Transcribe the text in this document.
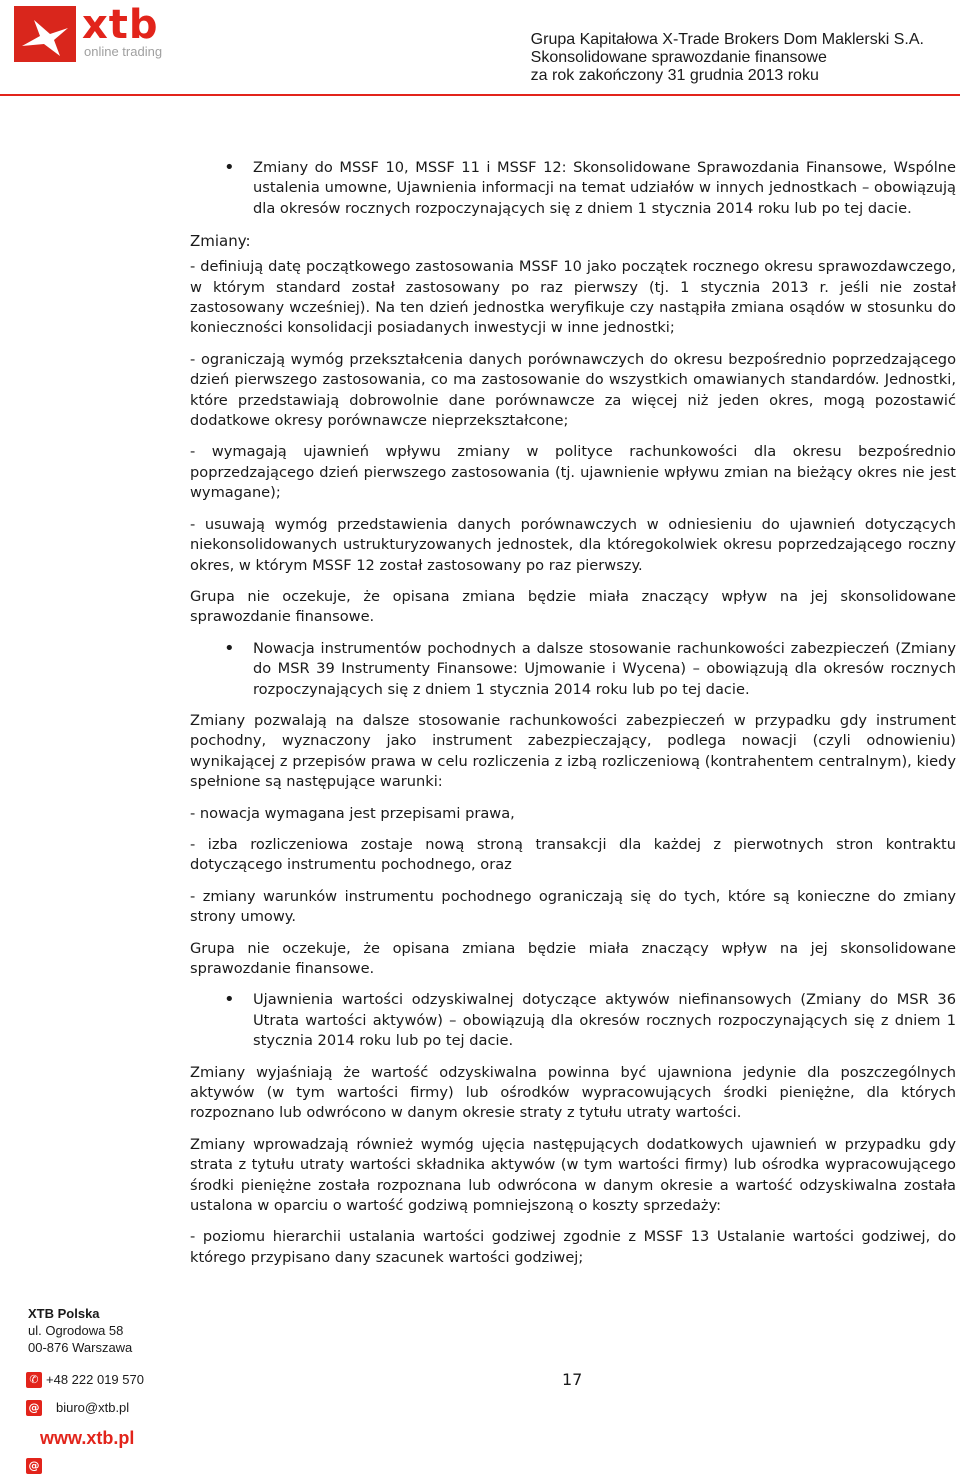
xtb
online trading
Grupa Kapitałowa X-Trade Brokers Dom Maklerski S.A.
Skonsolidowane sprawozdanie finansowe
za rok zakończony 31 grudnia 2013 roku
Zmiany:
• Zmiany do MSSF 10, MSSF 11 i MSSF 12: Skonsolidowane Sprawozdania Finansowe, Wspólne ustalenia umowne, Ujawnienia informacji na temat udziałów w innych jednostkach – obowiązują dla okresów rocznych rozpoczynających się z dniem 1 stycznia 2014 roku lub po tej dacie.

- definiują datę początkowego zastosowania MSSF 10 jako początek rocznego okresu sprawozdawczego, w którym standard został zastosowany po raz pierwszy (tj. 1 stycznia 2013 r. jeśli nie został zastosowany wcześniej). Na ten dzień jednostka weryfikuje czy nastąpiła zmiana osądów w stosunku do konieczności konsolidacji posiadanych inwestycji w inne jednostki;

- ograniczają wymóg przekształcenia danych porównawczych do okresu bezpośrednio poprzedzającego dzień pierwszego zastosowania, co ma zastosowanie do wszystkich omawianych standardów. Jednostki, które przedstawiają dobrowolnie dane porównawcze za więcej niż jeden okres, mogą pozostawić dodatkowe okresy porównawcze nieprzekształcone;

- wymagają ujawnień wpływu zmiany w polityce rachunkowości dla okresu bezpośrednio poprzedzającego dzień pierwszego zastosowania (tj. ujawnienie wpływu zmian na bieżący okres nie jest wymagane);

- usuwają wymóg przedstawienia danych porównawczych w odniesieniu do ujawnień dotyczących niekonsolidowanych ustrukturyzowanych jednostek, dla któregokolwiek okresu poprzedzającego roczny okres, w którym MSSF 12 został zastosowany po raz pierwszy.

Grupa nie oczekuje, że opisana zmiana będzie miała znaczący wpływ na jej skonsolidowane sprawozdanie finansowe.

• Nowacja instrumentów pochodnych a dalsze stosowanie rachunkowości zabezpieczeń (Zmiany do MSR 39 Instrumenty Finansowe: Ujmowanie i Wycena) – obowiązują dla okresów rocznych rozpoczynających się z dniem 1 stycznia 2014 roku lub po tej dacie.

Zmiany pozwalają na dalsze stosowanie rachunkowości zabezpieczeń w przypadku gdy instrument pochodny, wyznaczony jako instrument zabezpieczający, podlega nowacji (czyli odnowieniu) wynikającej z przepisów prawa w celu rozliczenia z izbą rozliczeniową (kontrahentem centralnym), kiedy spełnione są następujące warunki:

- nowacja wymagana jest przepisami prawa,

- izba rozliczeniowa zostaje nową stroną transakcji dla każdej z pierwotnych stron kontraktu dotyczącego instrumentu pochodnego, oraz

- zmiany warunków instrumentu pochodnego ograniczają się do tych, które są konieczne do zmiany strony umowy.

Grupa nie oczekuje, że opisana zmiana będzie miała znaczący wpływ na jej skonsolidowane sprawozdanie finansowe.

• Ujawnienia wartości odzyskiwalnej dotyczące aktywów niefinansowych (Zmiany do MSR 36 Utrata wartości aktywów) – obowiązują dla okresów rocznych rozpoczynających się z dniem 1 stycznia 2014 roku lub po tej dacie.

Zmiany wyjaśniają że wartość odzyskiwalna powinna być ujawniona jedynie dla poszczególnych aktywów (w tym wartości firmy) lub ośrodków wypracowujących środki pieniężne, dla których rozpoznano lub odwrócono w danym okresie straty z tytułu utraty wartości.

Zmiany wprowadzają również wymóg ujęcia następujących dodatkowych ujawnień w przypadku gdy strata z tytułu utraty wartości składnika aktywów (w tym wartości firmy) lub ośrodka wypracowującego środki pieniężne została rozpoznana lub odwrócona w danym okresie a wartość odzyskiwalna została ustalona w oparciu o wartość godziwą pomniejszoną o koszty sprzedaży:

- poziomu hierarchii ustalania wartości godziwej zgodnie z MSSF 13 Ustalanie wartości godziwej, do którego przypisano dany szacunek wartości godziwej;

XTB Polska
ul. Ogrodowa 58
00-876 Warszawa
✆ +48 222 019 570
@ biuro@xtb.pl
www.xtb.pl
@
17
